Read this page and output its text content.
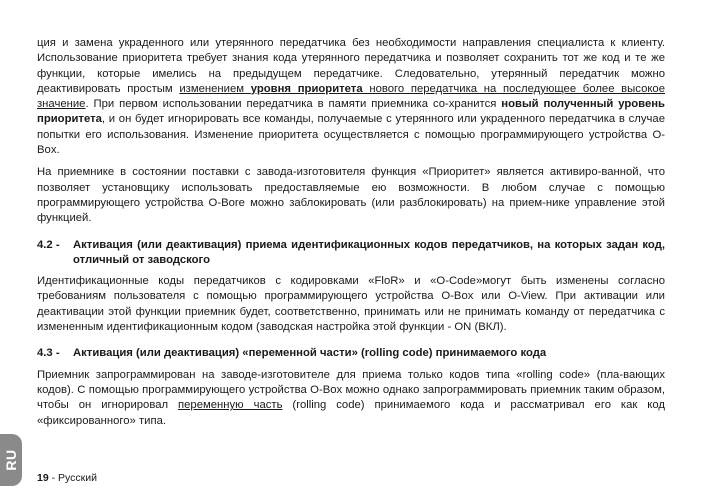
ция и замена украденного или утерянного передатчика без необходимости направления специалиста к клиенту. Использование приоритета требует знания кода утерянного передатчика и позволяет сохранить тот же код и те же функции, которые имелись на предыдущем передатчике. Следовательно, утерянный передатчик можно деактивировать простым изменением уровня приоритета нового передатчика на последующее более высокое значение. При первом использовании передатчика в памяти приемника со-хранится новый полученный уровень приоритета, и он будет игнорировать все команды, получаемые с утерянного или украденного передатчика в случае попытки его использования. Изменение приоритета осуществляется с помощью программирующего устройства O-Box.

На приемнике в состоянии поставки с завода-изготовителя функция «Приоритет» является активиро-ванной, что позволяет установщику использовать предоставляемые ею возможности. В любом случае с помощью программирующего устройства O-Bore можно заблокировать (или разблокировать) на прием-нике управление этой функцией.

4.2 -	Активация (или деактивация) приема идентификационных кодов передатчиков, на которых задан код, отличный от заводского

Идентификационные коды передатчиков с кодировками «FloR» и «O-Code»могут быть изменены согласно требованиям пользователя с помощью программирующего устройства O-Box или O-View. При активации или деактивации этой функции приемник будет, соответственно, принимать или не принимать команду от передатчика с измененным идентификационным кодом (заводская настройка этой функции - ON (ВКЛ).

4.3 -	Активация (или деактивация) «переменной части» (rolling code) принимаемого кода

Приемник запрограммирован на заводе-изготовителе для приема только кодов типа «rolling code» (пла-вающих кодов). С помощью программирующего устройства O-Box можно однако запрограммировать приемник таким образом, чтобы он игнорировал переменную часть (rolling code) принимаемого кода и рассматривал его как код «фиксированного» типа.

RU
19 - Русский
